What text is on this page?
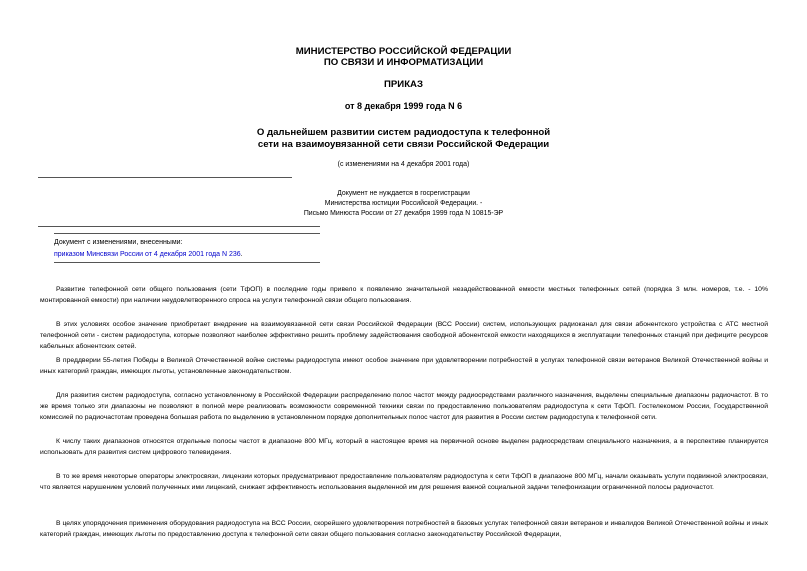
МИНИСТЕРСТВО РОССИЙСКОЙ ФЕДЕРАЦИИ
ПО СВЯЗИ И ИНФОРМАТИЗАЦИИ
ПРИКАЗ
от 8 декабря 1999 года N 6
О дальнейшем развитии систем радиодоступа к телефонной
сети на взаимоувязанной сети связи Российской Федерации
(с изменениями на 4 декабря 2001 года)
Документ не нуждается в госрегистрации
Министерства юстиции Российской Федерации. -
Письмо Минюста России от 27 декабря 1999 года N 10815-ЭР
Документ с изменениями, внесенными:
приказом Минсвязи России от 4 декабря 2001 года N 236.

Развитие телефонной сети общего пользования (сети ТфОП) в последние годы привело к появлению значительной незадействованной емкости местных телефонных сетей (порядка 3 млн. номеров, т.е. - 10% монтированной емкости) при наличии неудовлетворенного спроса на услуги телефонной связи общего пользования.

В этих условиях особое значение приобретает внедрение на взаимоувязанной сети связи Российской Федерации (ВСС России) систем, использующих радиоканал для связи абонентского устройства с АТС местной телефонной сети - систем радиодоступа, которые позволяют наиболее эффективно решить проблему задействования свободной абонентской емкости находящихся в эксплуатации телефонных станций при дефиците ресурсов кабельных абонентских сетей.

В преддверии 55-летия Победы в Великой Отечественной войне системы радиодоступа имеют особое значение при удовлетворении потребностей в услугах телефонной связи ветеранов Великой Отечественной войны и иных категорий граждан, имеющих льготы, установленные законодательством.

Для развития систем радиодоступа, согласно установленному в Российской Федерации распределению полос частот между радиосредствами различного назначения, выделены специальные диапазоны радиочастот. В то же время только эти диапазоны не позволяют в полной мере реализовать возможности современной техники связи по предоставлению пользователям радиодоступа к сети ТфОП. Гостелекомом России, Государственной комиссией по радиочастотам проведена большая работа по выделению в установленном порядке дополнительных полос частот для развития в России систем радиодоступа к телефонной сети.

К числу таких диапазонов относятся отдельные полосы частот в диапазоне 800 МГц, который в настоящее время на первичной основе выделен радиосредствам специального назначения, а в перспективе планируется использовать для развития систем цифрового телевидения.

В то же время некоторые операторы электросвязи, лицензии которых предусматривают предоставление пользователям радиодоступа к сети ТфОП в диапазоне 800 МГц, начали оказывать услуги подвижной электросвязи, что является нарушением условий полученных ими лицензий, снижает эффективность использования выделенной им для решения важной социальной задачи телефонизации ограниченной полосы радиочастот.

В целях упорядочения применения оборудования радиодоступа на ВСС России, скорейшего удовлетворения потребностей в базовых услугах телефонной связи ветеранов и инвалидов Великой Отечественной войны и иных категорий граждан, имеющих льготы по предоставлению доступа к телефонной сети связи общего пользования согласно законодательству Российской Федерации,
